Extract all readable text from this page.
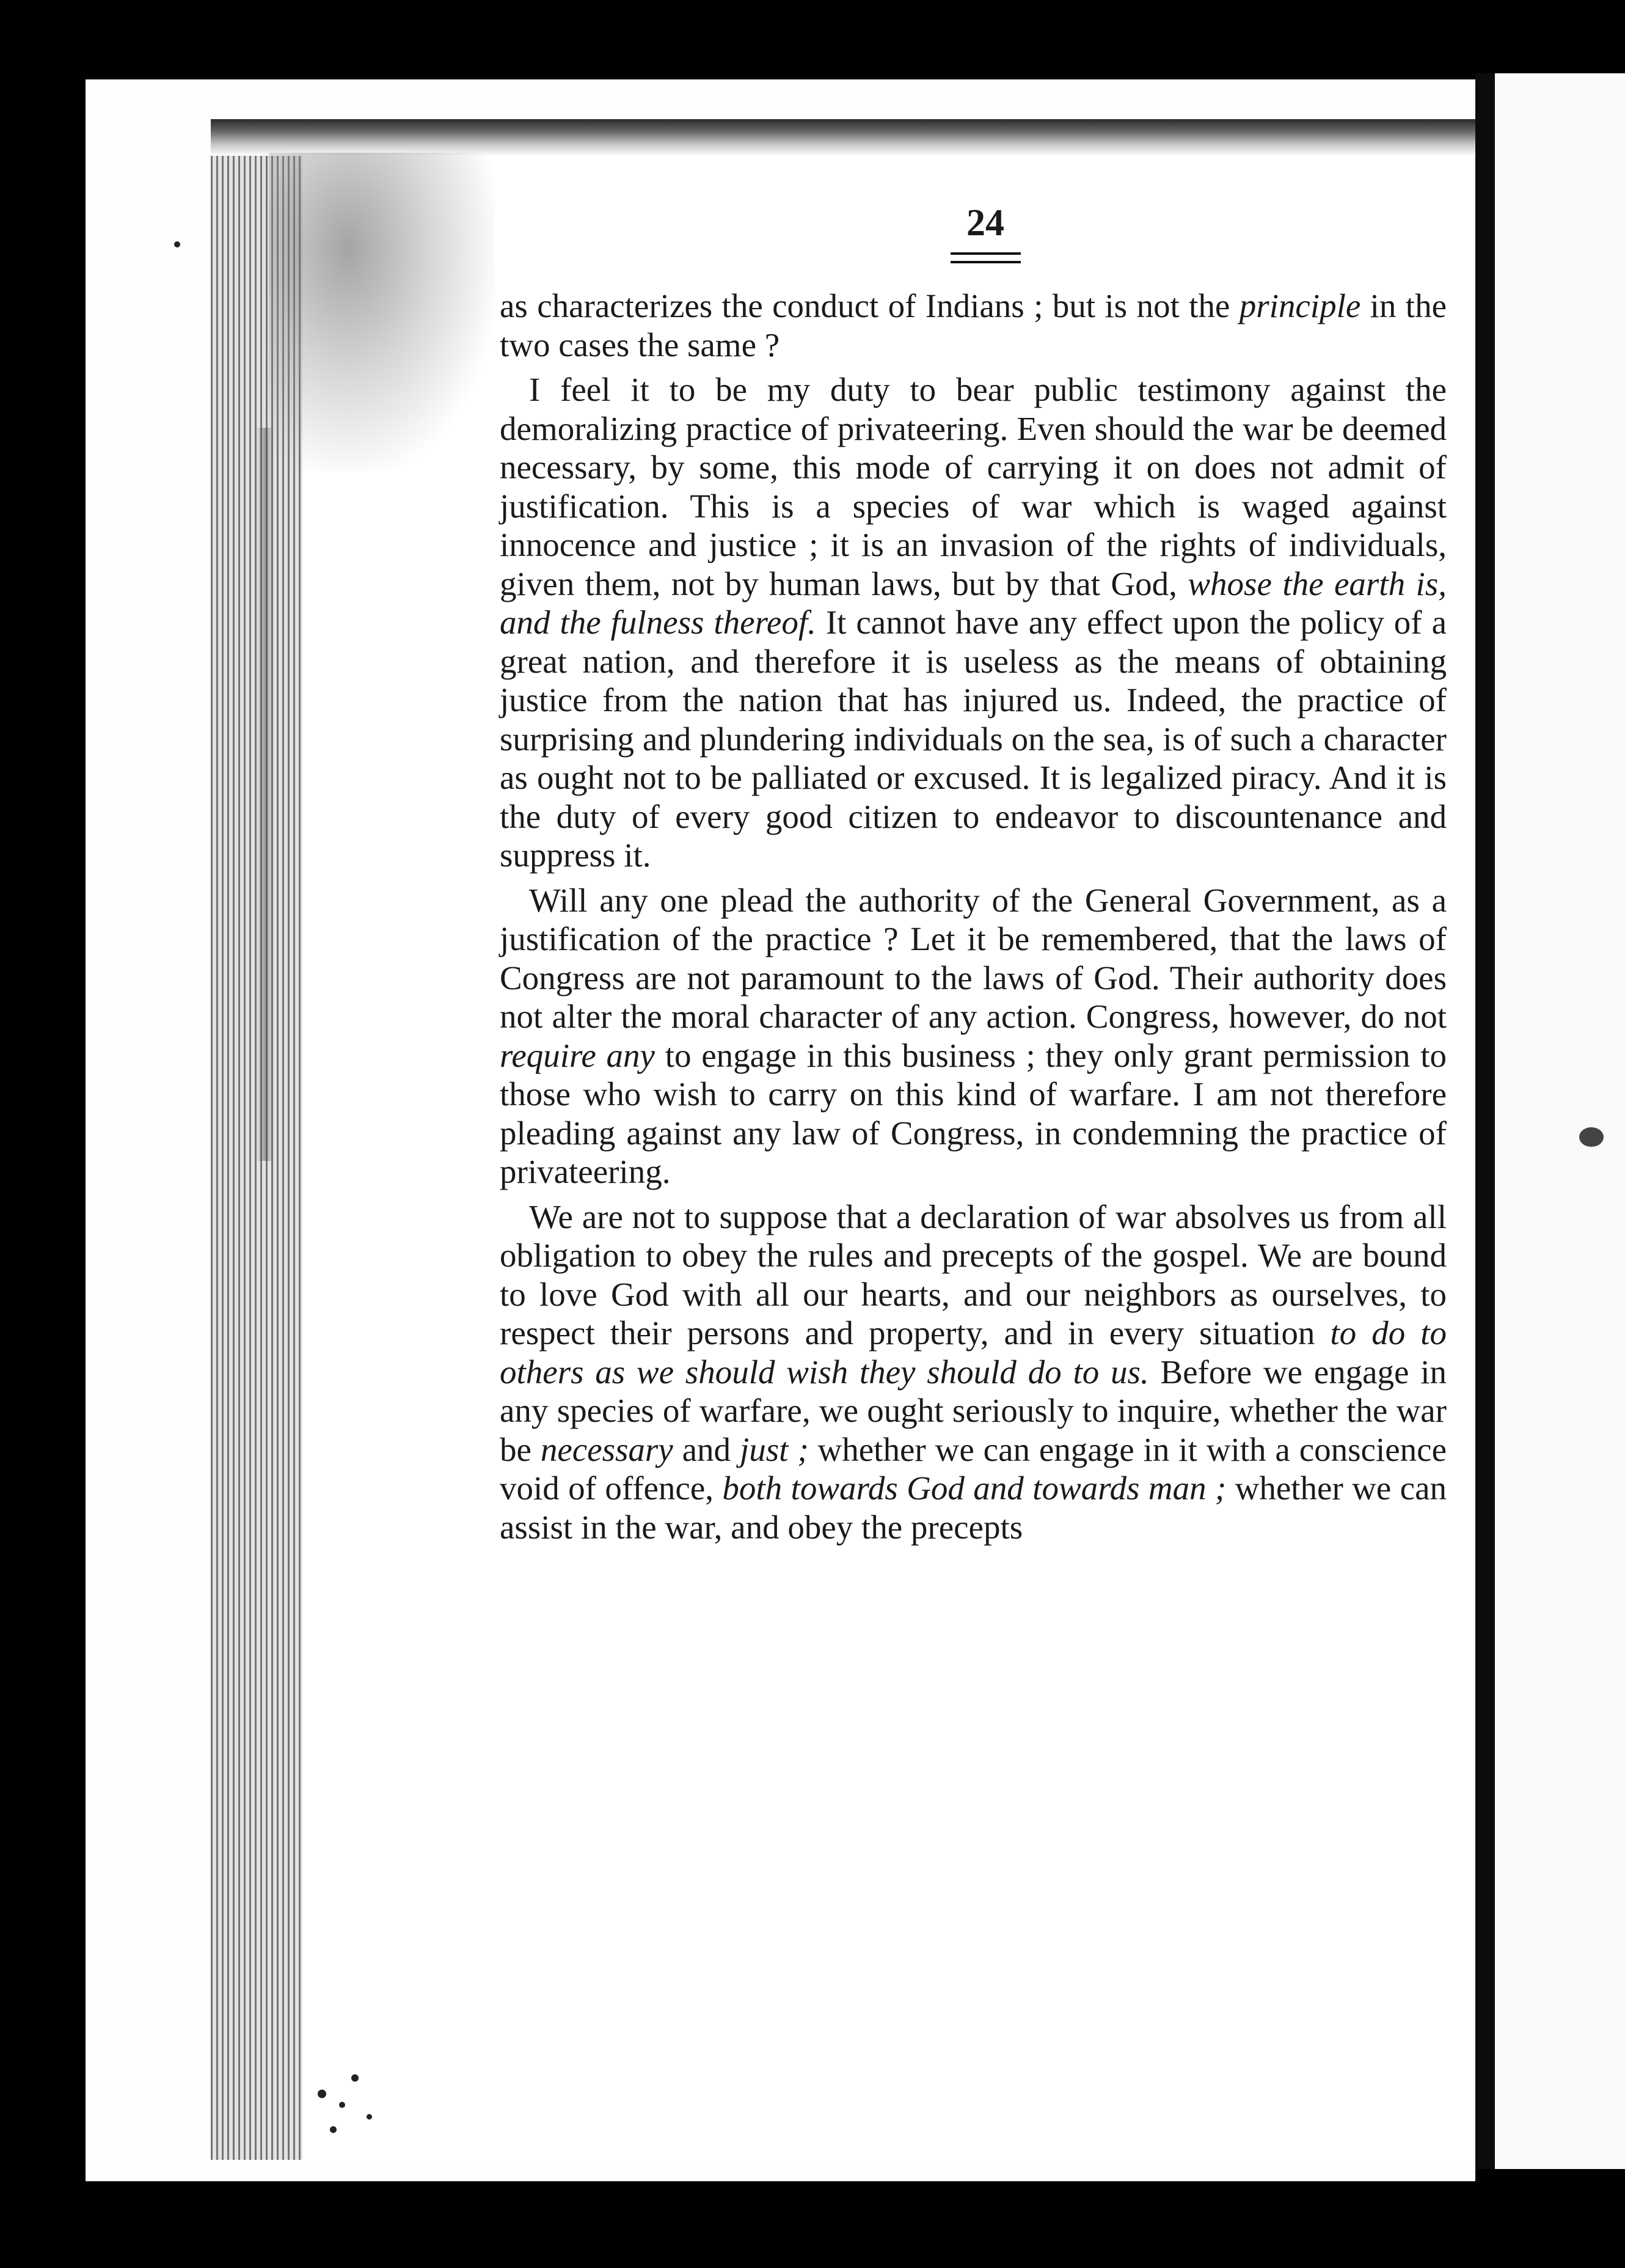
24

as characterizes the conduct of Indians ; but is not the principle in the two cases the same ?

I feel it to be my duty to bear public testimony against the demoralizing practice of privateering. Even should the war be deemed necessary, by some, this mode of carrying it on does not admit of justification. This is a species of war which is waged against innocence and justice ; it is an invasion of the rights of individuals, given them, not by human laws, but by that God, whose the earth is, and the fulness thereof. It cannot have any effect upon the policy of a great nation, and therefore it is useless as the means of obtaining justice from the nation that has injured us. Indeed, the practice of surprising and plundering individuals on the sea, is of such a character as ought not to be palliated or excused. It is legalized piracy. And it is the duty of every good citizen to endeavor to discountenance and suppress it.

Will any one plead the authority of the General Government, as a justification of the practice ? Let it be remembered, that the laws of Congress are not paramount to the laws of God. Their authority does not alter the moral character of any action. Congress, however, do not require any to engage in this business ; they only grant permission to those who wish to carry on this kind of warfare. I am not therefore pleading against any law of Congress, in condemning the practice of privateering.

We are not to suppose that a declaration of war absolves us from all obligation to obey the rules and precepts of the gospel. We are bound to love God with all our hearts, and our neighbors as ourselves, to respect their persons and property, and in every situation to do to others as we should wish they should do to us. Before we engage in any species of warfare, we ought seriously to inquire, whether the war be necessary and just ; whether we can engage in it with a conscience void of offence, both towards God and towards man ; whether we can assist in the war, and obey the precepts
